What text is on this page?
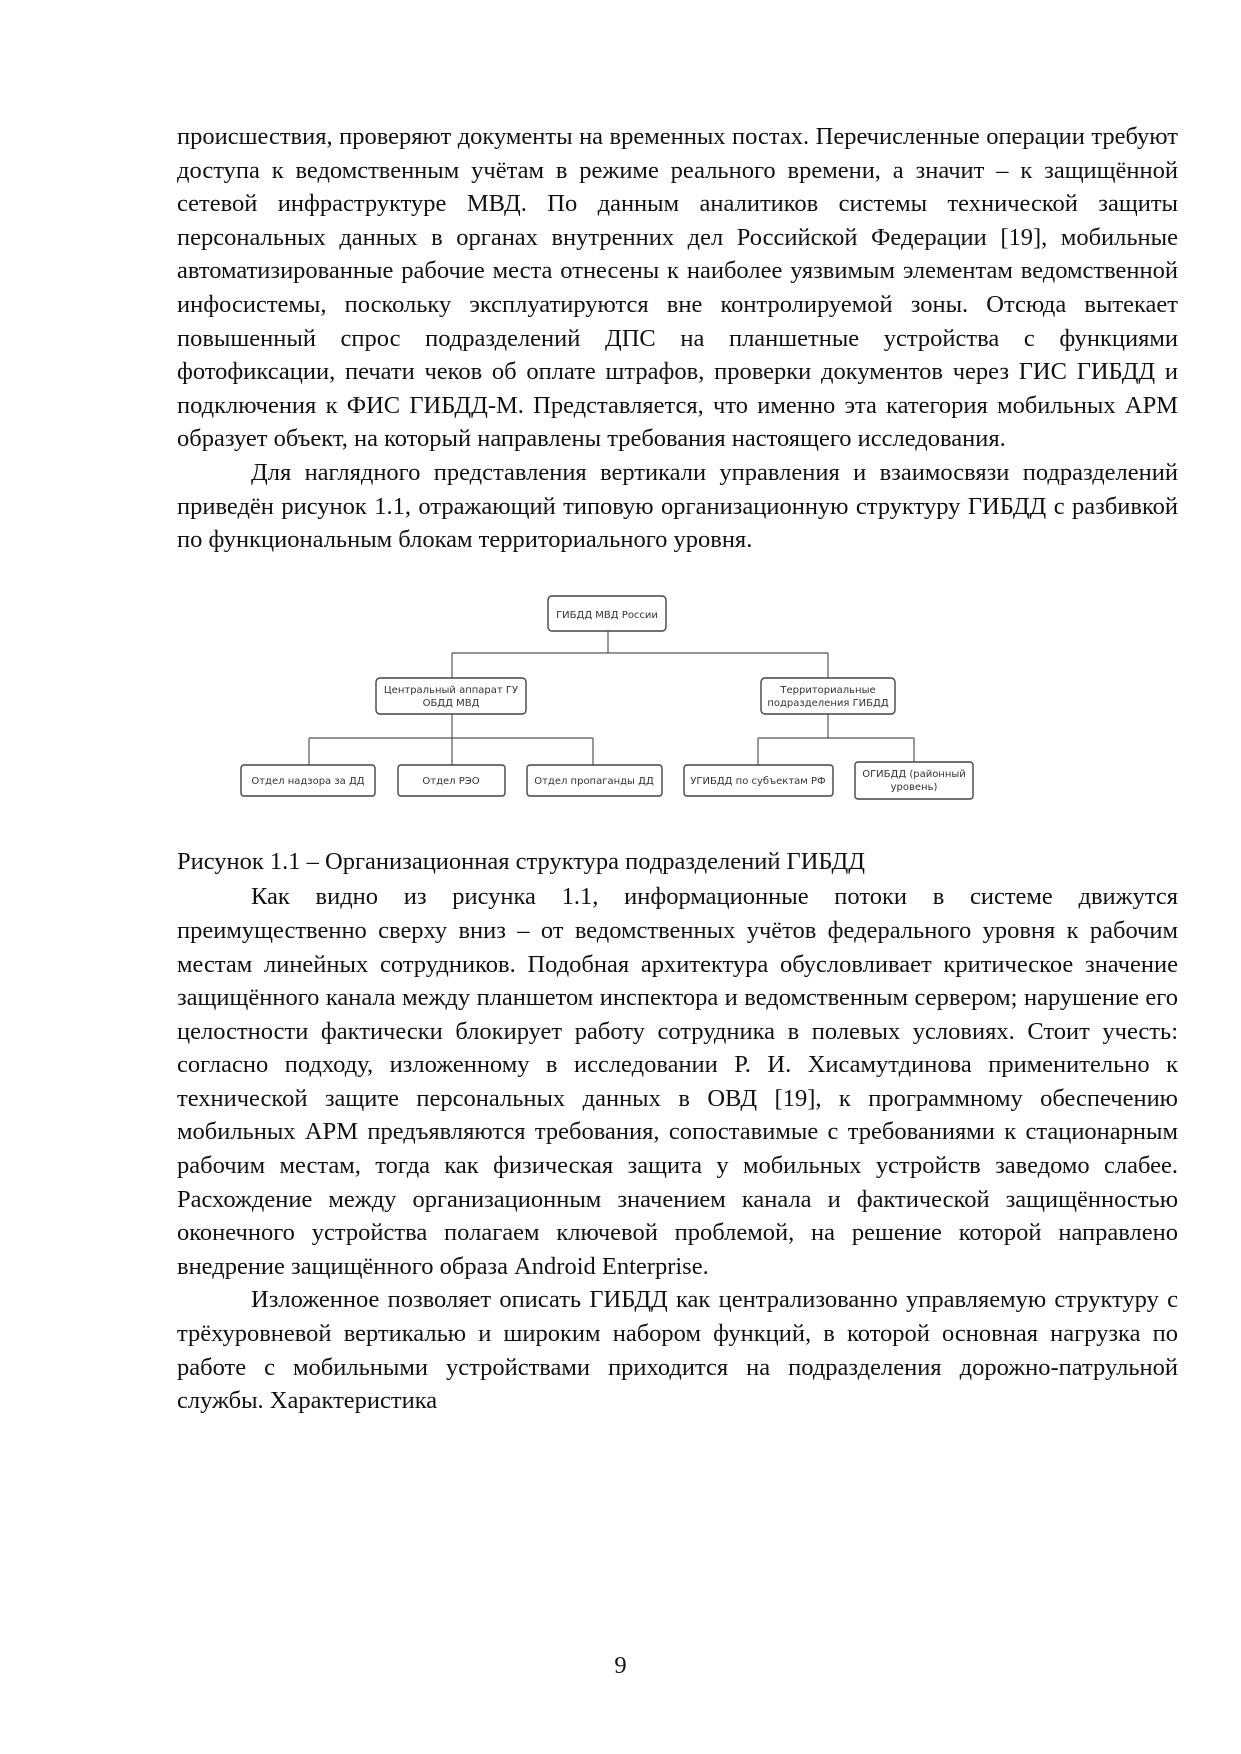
происшествия, проверяют документы на временных постах. Перечисленные операции требуют доступа к ведомственным учётам в режиме реального времени, а значит – к защищённой сетевой инфраструктуре МВД. По данным аналитиков системы технической защиты персональных данных в органах внутренних дел Российской Федерации [19], мобильные автоматизированные рабочие места отнесены к наиболее уязвимым элементам ведомственной инфосистемы, поскольку эксплуатируются вне контролируемой зоны. Отсюда вытекает повышенный спрос подразделений ДПС на планшетные устройства с функциями фотофиксации, печати чеков об оплате штрафов, проверки документов через ГИС ГИБДД и подключения к ФИС ГИБДД-М. Представляется, что именно эта категория мобильных АРМ образует объект, на который направлены требования настоящего исследования.

Для наглядного представления вертикали управления и взаимосвязи подразделений приведён рисунок 1.1, отражающий типовую организационную структуру ГИБДД с разбивкой по функциональным блокам территориального уровня.

ГИБДД МВД России
Центральный аппарат ГУ
ОБДД МВД
Территориальные
подразделения ГИБДД
Отдел надзора за ДД	Отдел РЭО	Отдел пропаганды ДД	УГИБДД по субъектам РФ
ОГИБДД (районный
уровень)

Рисунок 1.1 – Организационная структура подразделений ГИБДД

Как видно из рисунка 1.1, информационные потоки в системе движутся преимущественно сверху вниз – от ведомственных учётов федерального уровня к рабочим местам линейных сотрудников. Подобная архитектура обусловливает критическое значение защищённого канала между планшетом инспектора и ведомственным сервером; нарушение его целостности фактически блокирует работу сотрудника в полевых условиях. Стоит учесть: согласно подходу, изложенному в исследовании Р. И. Хисамутдинова применительно к технической защите персональных данных в ОВД [19], к программному обеспечению мобильных АРМ предъявляются требования, сопоставимые с требованиями к стационарным рабочим местам, тогда как физическая защита у мобильных устройств заведомо слабее. Расхождение между организационным значением канала и фактической защищённостью оконечного устройства полагаем ключевой проблемой, на решение которой направлено внедрение защищённого образа Android Enterprise.

Изложенное позволяет описать ГИБДД как централизованно управляемую структуру с трёхуровневой вертикалью и широким набором функций, в которой основная нагрузка по работе с мобильными устройствами приходится на подразделения дорожно-патрульной службы. Характеристика

9
